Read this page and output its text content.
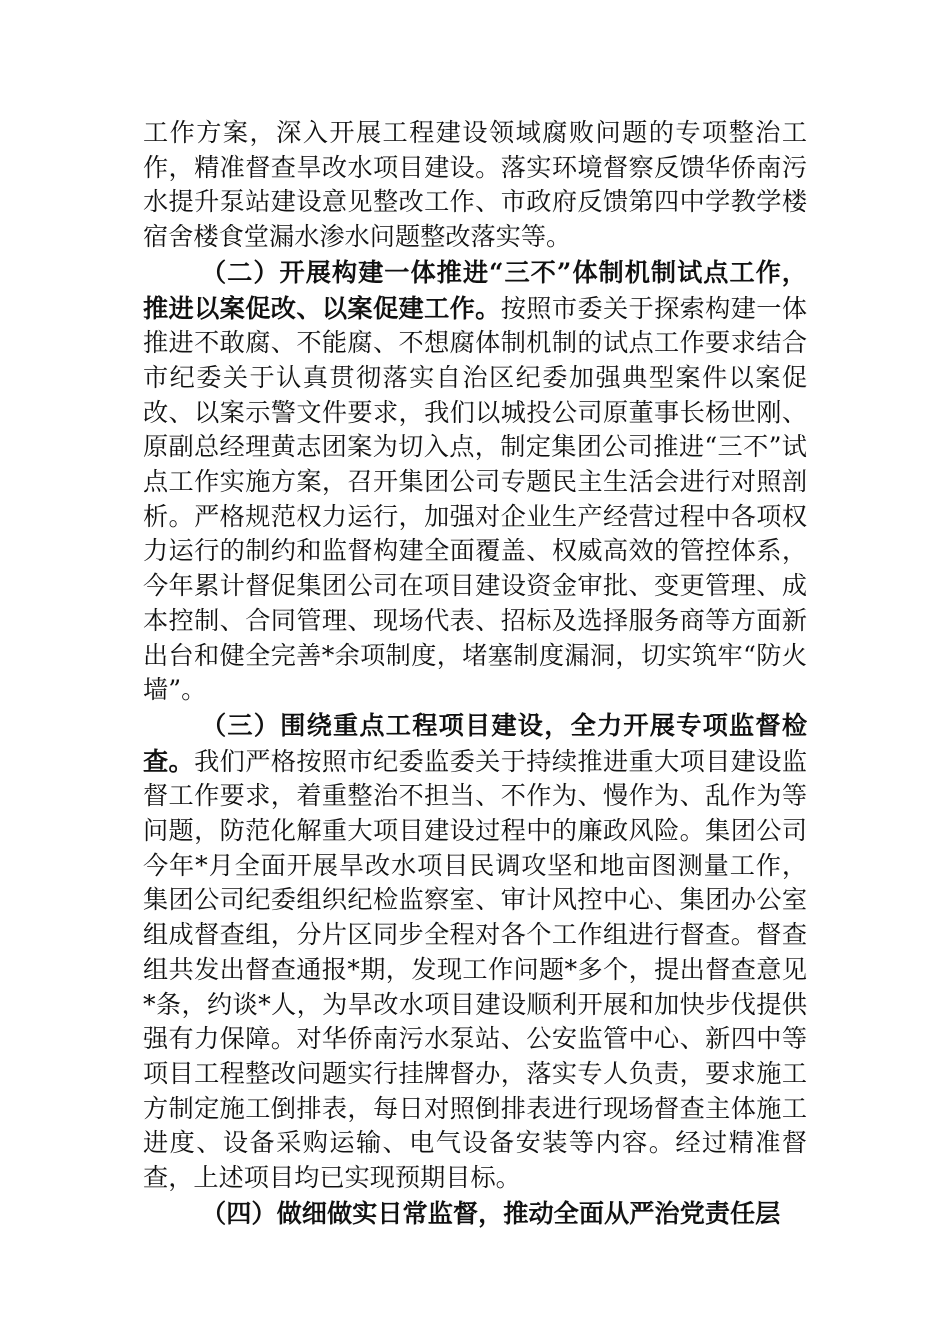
工作方案，深入开展工程建设领域腐败问题的专项整治工作，精准督查旱改水项目建设。落实环境督察反馈华侨南污水提升泵站建设意见整改工作、市政府反馈第四中学教学楼宿舍楼食堂漏水渗水问题整改落实等。

（二）开展构建一体推进“三不”体制机制试点工作，推进以案促改、以案促建工作。按照市委关于探索构建一体推进不敢腐、不能腐、不想腐体制机制的试点工作要求结合市纪委关于认真贯彻落实自治区纪委加强典型案件以案促改、以案示警文件要求，我们以城投公司原董事长杨世刚、原副总经理黄志团案为切入点，制定集团公司推进“三不”试点工作实施方案，召开集团公司专题民主生活会进行对照剖析。严格规范权力运行，加强对企业生产经营过程中各项权力运行的制约和监督构建全面覆盖、权威高效的管控体系，今年累计督促集团公司在项目建设资金审批、变更管理、成本控制、合同管理、现场代表、招标及选择服务商等方面新出台和健全完善*余项制度，堵塞制度漏洞，切实筑牢“防火墙”。

（三）围绕重点工程项目建设，全力开展专项监督检查。我们严格按照市纪委监委关于持续推进重大项目建设监督工作要求，着重整治不担当、不作为、慢作为、乱作为等问题，防范化解重大项目建设过程中的廉政风险。集团公司今年*月全面开展旱改水项目民调攻坚和地亩图测量工作，集团公司纪委组织纪检监察室、审计风控中心、集团办公室组成督查组，分片区同步全程对各个工作组进行督查。督查组共发出督查通报*期，发现工作问题*多个，提出督查意见*条，约谈*人，为旱改水项目建设顺利开展和加快步伐提供强有力保障。对华侨南污水泵站、公安监管中心、新四中等项目工程整改问题实行挂牌督办，落实专人负责，要求施工方制定施工倒排表，每日对照倒排表进行现场督查主体施工进度、设备采购运输、电气设备安装等内容。经过精准督查，上述项目均已实现预期目标。

（四）做细做实日常监督，推动全面从严治党责任层
